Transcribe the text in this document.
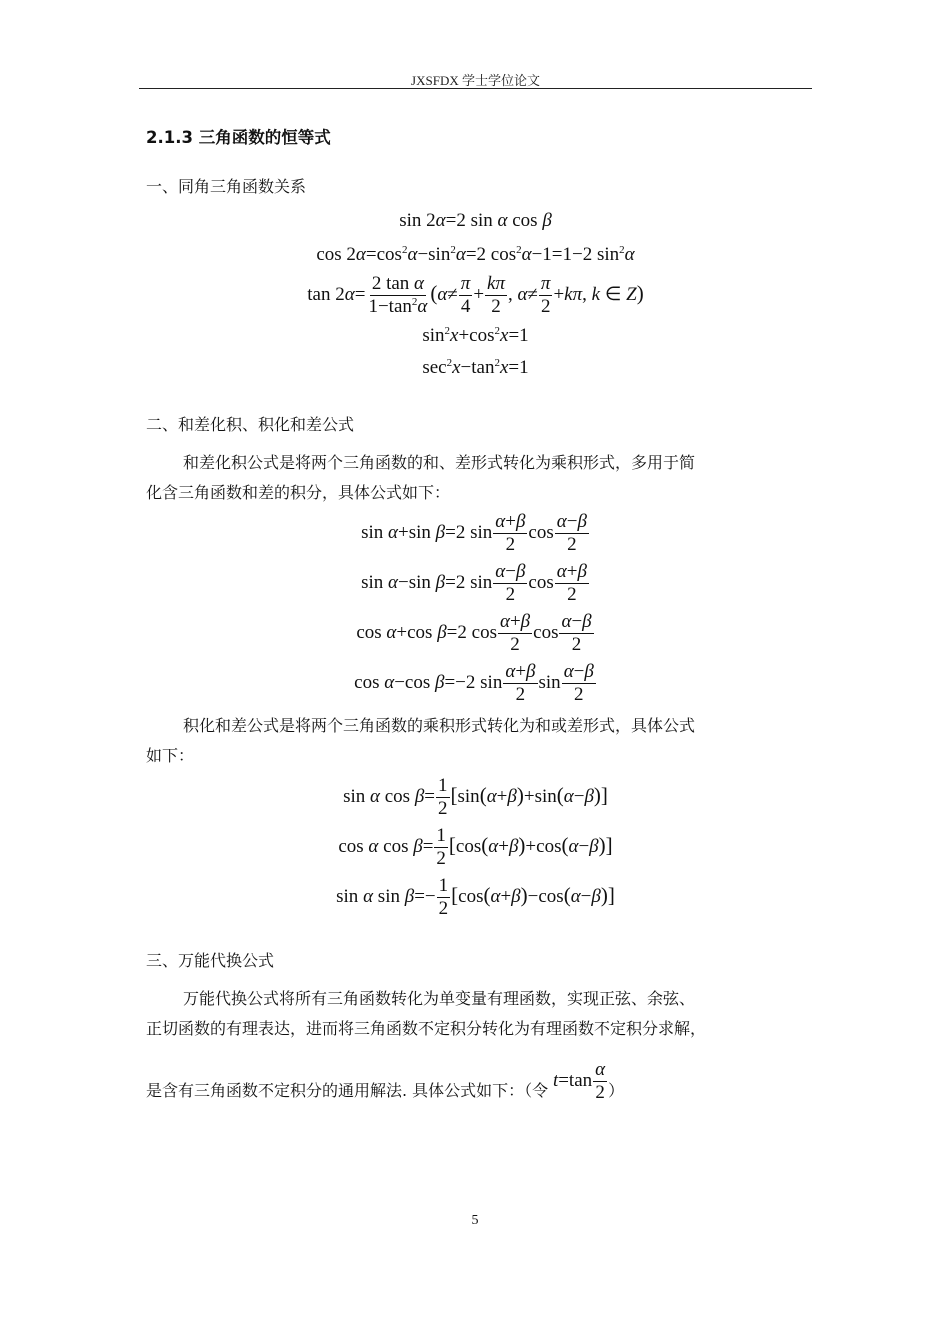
JXSFDX 学士学位论文
2.1.3 三角函数的恒等式
一、同角三角函数关系
sin 2α=2 sin α cos β
$\cos 2\alpha=\cos^2\alpha-\sin^2\alpha=2$ $\cos^2\alpha-1=1-2$ $\sin^2\alpha$
$\tan 2\alpha= \frac{\text{2 tan α}}{1-\tan^2\alpha} (\alpha\ne \frac{\pi}{4} + \frac{k\pi}{2}$ , $\alpha\ne \frac{\pi}{2} +k\pi$, k ∈ Z)
$\sin^2x+\cos^2x=1$
$\sec^2x-\tan^2x=1$
二、和差化积、积化和差公式
和差化积公式是将两个三角函数的和、差形式转化为乘积形式，多用于简
化含三角函数和差的积分，具体公式如下：
sin α+sin β=2 $\sin \frac{\alpha+\beta}{2}$ $\cos \frac{\alpha-\beta}{2}$
sin α−sin β=2 $\sin \frac{\alpha-\beta}{2}$ $\cos \frac{\alpha+\beta}{2}$
cos α+cos β=2 $\cos \frac{\alpha+\beta}{2}$ $\cos \frac{\alpha-\beta}{2}$
cos α−cos β=−2 $\sin \frac{\alpha+\beta}{2}$ $\sin \frac{\alpha-\beta}{2}$
积化和差公式是将两个三角函数的乘积形式转化为和或差形式，具体公式
如下：
sin α $\cos \beta= \frac{1}{2} [\sin(\alpha+\beta)+\sin(\alpha-\beta)]$
cos α $\cos \beta= \frac{1}{2} [\cos(\alpha+\beta)+\cos(\alpha-\beta)]$
sin α $\sin \beta=- \frac{1}{2} [\cos(\alpha+\beta)-\cos(\alpha-\beta)]$
三、万能代换公式
万能代换公式将所有三角函数转化为单变量有理函数，实现正弦、余弦、
正切函数的有理表达，进而将三角函数不定积分转化为有理函数不定积分求解，
是含有三角函数不定积分的通用解法. 具体公式如下：（令 $t=\tan \frac{\alpha}{2}$ ）
5
